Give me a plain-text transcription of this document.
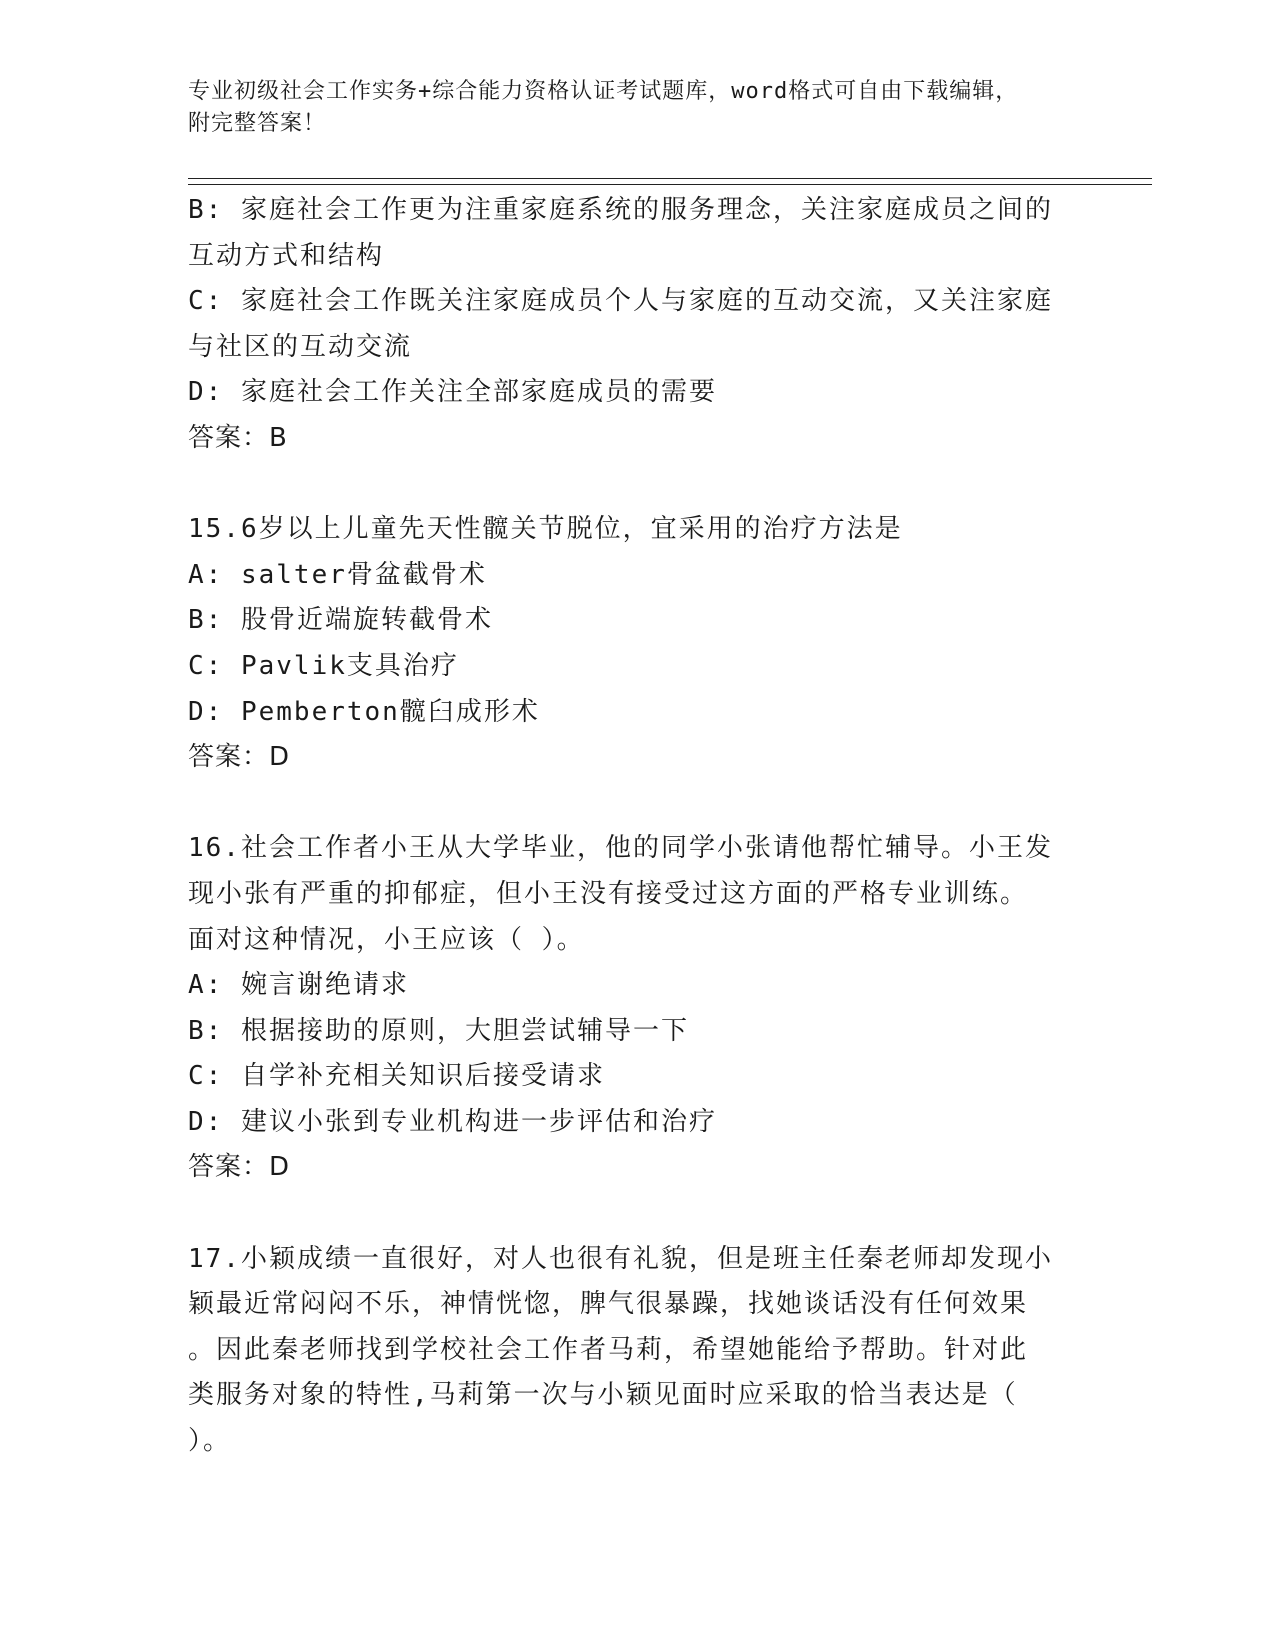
专业初级社会工作实务+综合能力资格认证考试题库，word格式可自由下载编辑，
附完整答案！
B: 家庭社会工作更为注重家庭系统的服务理念，关注家庭成员之间的
互动方式和结构
C: 家庭社会工作既关注家庭成员个人与家庭的互动交流，又关注家庭
与社区的互动交流
D: 家庭社会工作关注全部家庭成员的需要
答案：B
15.6岁以上儿童先天性髋关节脱位，宜采用的治疗方法是
A: salter骨盆截骨术
B: 股骨近端旋转截骨术
C: Pavlik支具治疗
D: Pemberton髋臼成形术
答案：D
16.社会工作者小王从大学毕业，他的同学小张请他帮忙辅导。小王发
现小张有严重的抑郁症，但小王没有接受过这方面的严格专业训练。
面对这种情况，小王应该（ ）。
A: 婉言谢绝请求
B: 根据接助的原则，大胆尝试辅导一下
C: 自学补充相关知识后接受请求
D: 建议小张到专业机构进一步评估和治疗
答案：D
17.小颖成绩一直很好，对人也很有礼貌，但是班主任秦老师却发现小
颖最近常闷闷不乐，神情恍惚，脾气很暴躁，找她谈话没有任何效果
。因此秦老师找到学校社会工作者马莉，希望她能给予帮助。针对此
类服务对象的特性,马莉第一次与小颖见面时应采取的恰当表达是（
）。
